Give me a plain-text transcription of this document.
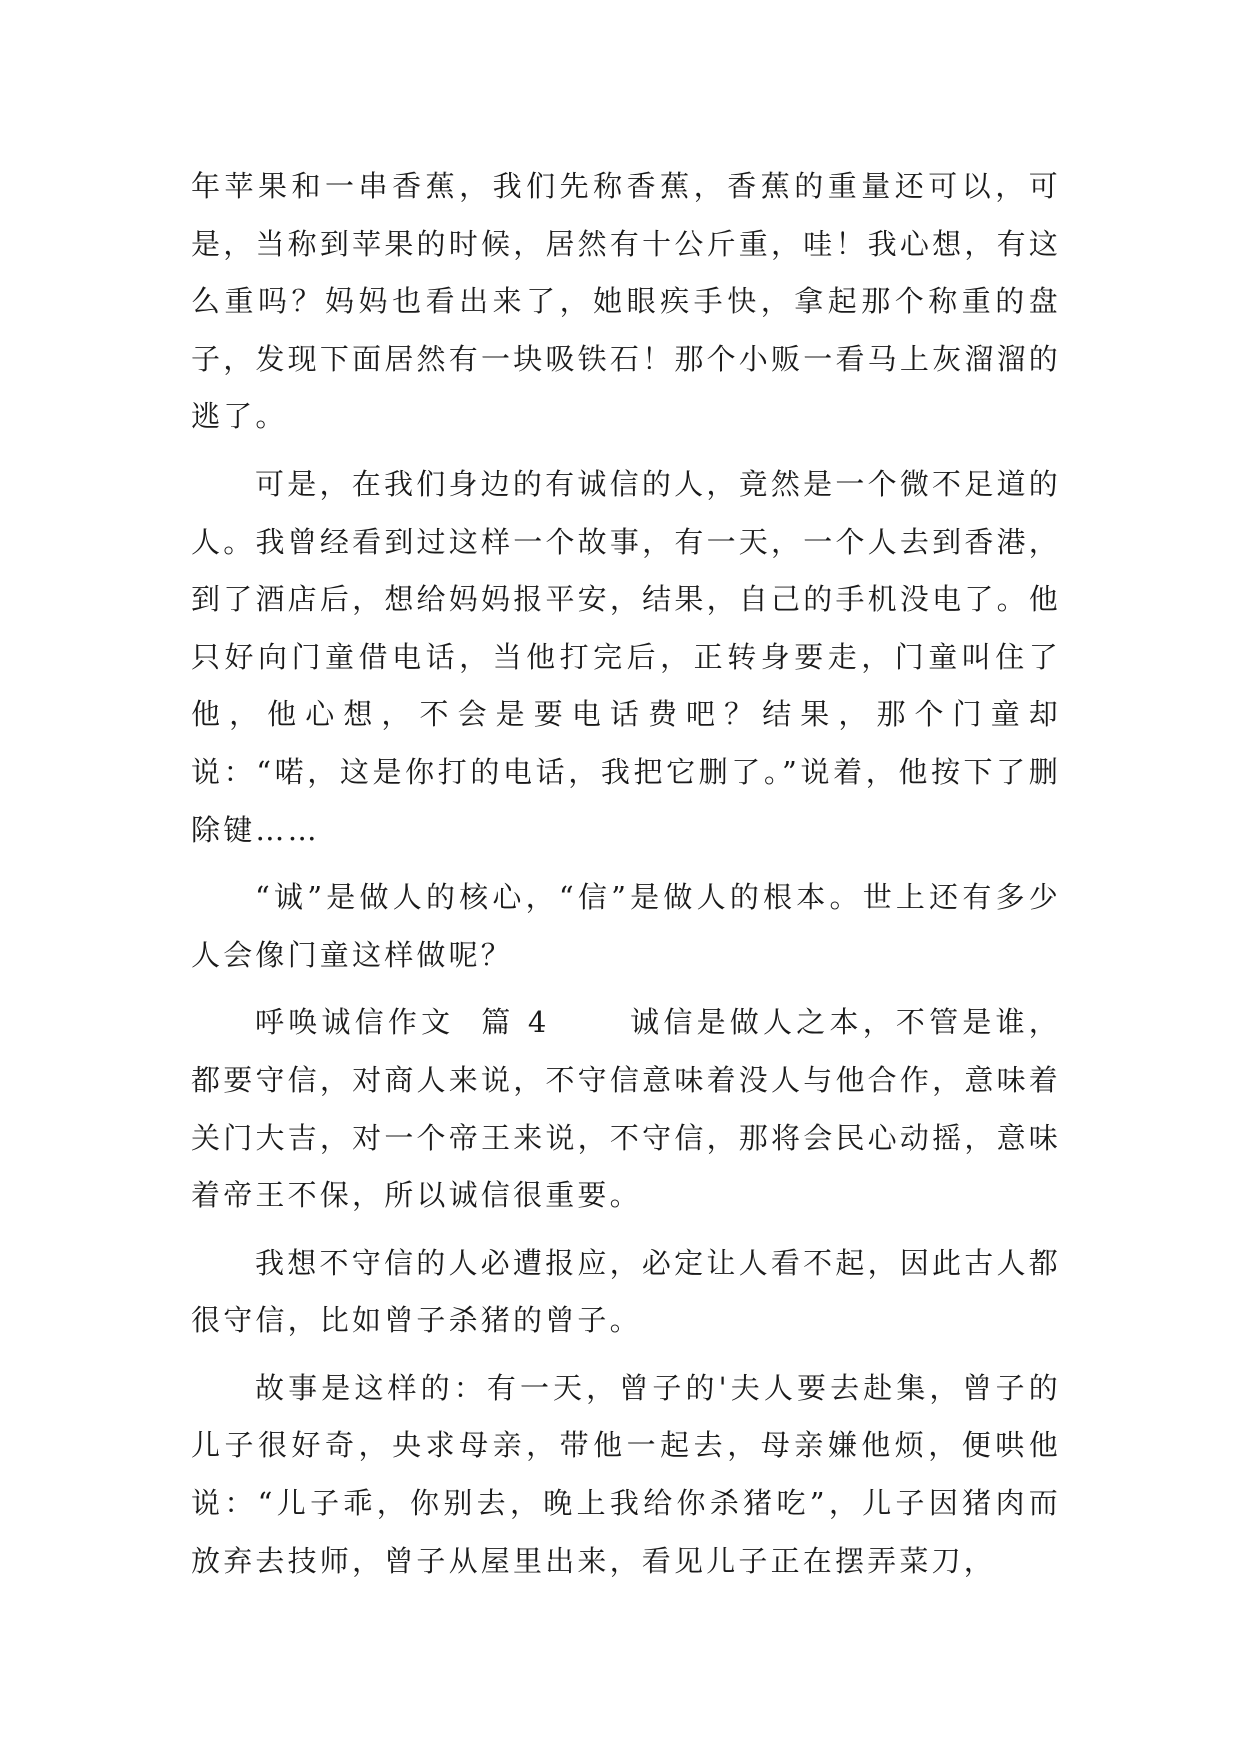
年苹果和一串香蕉，我们先称香蕉，香蕉的重量还可以，可是，当称到苹果的时候，居然有十公斤重，哇！我心想，有这么重吗？妈妈也看出来了，她眼疾手快，拿起那个称重的盘子，发现下面居然有一块吸铁石！那个小贩一看马上灰溜溜的逃了。

可是，在我们身边的有诚信的人，竟然是一个微不足道的人。我曾经看到过这样一个故事，有一天，一个人去到香港，到了酒店后，想给妈妈报平安，结果，自己的手机没电了。他只好向门童借电话，当他打完后，正转身要走，门童叫住了他，他心想，不会是要电话费吧？结果，那个门童却说：“喏，这是你打的电话，我把它删了。”说着，他按下了删除键……

“诚”是做人的核心，“信”是做人的根本。世上还有多少人会像门童这样做呢？

呼唤诚信作文  篇 4      诚信是做人之本，不管是谁，都要守信，对商人来说，不守信意味着没人与他合作，意味着关门大吉，对一个帝王来说，不守信，那将会民心动摇，意味着帝王不保，所以诚信很重要。

我想不守信的人必遭报应，必定让人看不起，因此古人都很守信，比如曾子杀猪的曾子。

故事是这样的：有一天，曾子的'夫人要去赴集，曾子的儿子很好奇，央求母亲，带他一起去，母亲嫌他烦，便哄他说：“儿子乖，你别去，晚上我给你杀猪吃”，儿子因猪肉而放弃去技师，曾子从屋里出来，看见儿子正在摆弄菜刀，
